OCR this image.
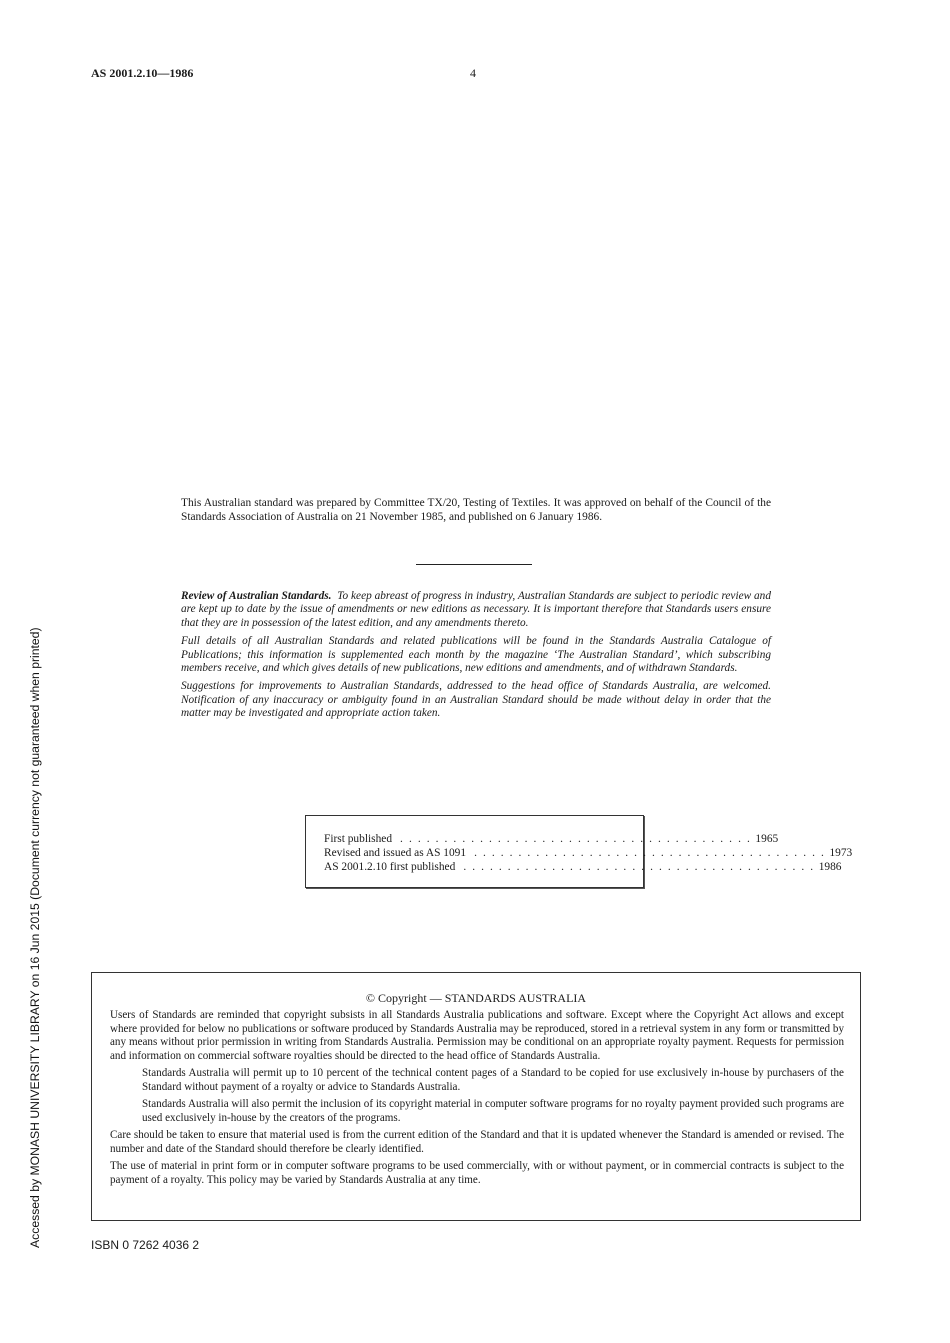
AS 2001.2.10—1986	4
Accessed by MONASH UNIVERSITY LIBRARY on 16 Jun 2015 (Document currency not guaranteed when printed)
This Australian standard was prepared by Committee TX/20, Testing of Textiles. It was approved on behalf of the Council of the Standards Association of Australia on 21 November 1985, and published on 6 January 1986.

Review of Australian Standards. To keep abreast of progress in industry, Australian Standards are subject to periodic review and are kept up to date by the issue of amendments or new editions as necessary. It is important therefore that Standards users ensure that they are in possession of the latest edition, and any amendments thereto.

Full details of all Australian Standards and related publications will be found in the Standards Australia Catalogue of Publications; this information is supplemented each month by the magazine ‘The Australian Standard’, which subscribing members receive, and which gives details of new publications, new editions and amendments, and of withdrawn Standards.

Suggestions for improvements to Australian Standards, addressed to the head office of Standards Australia, are welcomed. Notification of any inaccuracy or ambiguity found in an Australian Standard should be made without delay in order that the matter may be investigated and appropriate action taken.

First published . . . . . . . . . . . . . . . . . . . . . . . . . . . . . . . . . . . . . . . . 1965
Revised and issued as AS 1091 . . . . . . . . . . . . . . . . . . . . . . . . . . . . . . . . . . . . . . . . 1973
AS 2001.2.10 first published . . . . . . . . . . . . . . . . . . . . . . . . . . . . . . . . . . . . . . . . 1986
© Copyright — STANDARDS AUSTRALIA

Users of Standards are reminded that copyright subsists in all Standards Australia publications and software. Except where the Copyright Act allows and except where provided for below no publications or software produced by Standards Australia may be reproduced, stored in a retrieval system in any form or transmitted by any means without prior permission in writing from Standards Australia. Permission may be conditional on an appropriate royalty payment. Requests for permission and information on commercial software royalties should be directed to the head office of Standards Australia.

Standards Australia will permit up to 10 percent of the technical content pages of a Standard to be copied for use exclusively in-house by purchasers of the Standard without payment of a royalty or advice to Standards Australia.

Standards Australia will also permit the inclusion of its copyright material in computer software programs for no royalty payment provided such programs are used exclusively in-house by the creators of the programs.

Care should be taken to ensure that material used is from the current edition of the Standard and that it is updated whenever the Standard is amended or revised. The number and date of the Standard should therefore be clearly identified.

The use of material in print form or in computer software programs to be used commercially, with or without payment, or in commercial contracts is subject to the payment of a royalty. This policy may be varied by Standards Australia at any time.

ISBN 0 7262 4036 2
